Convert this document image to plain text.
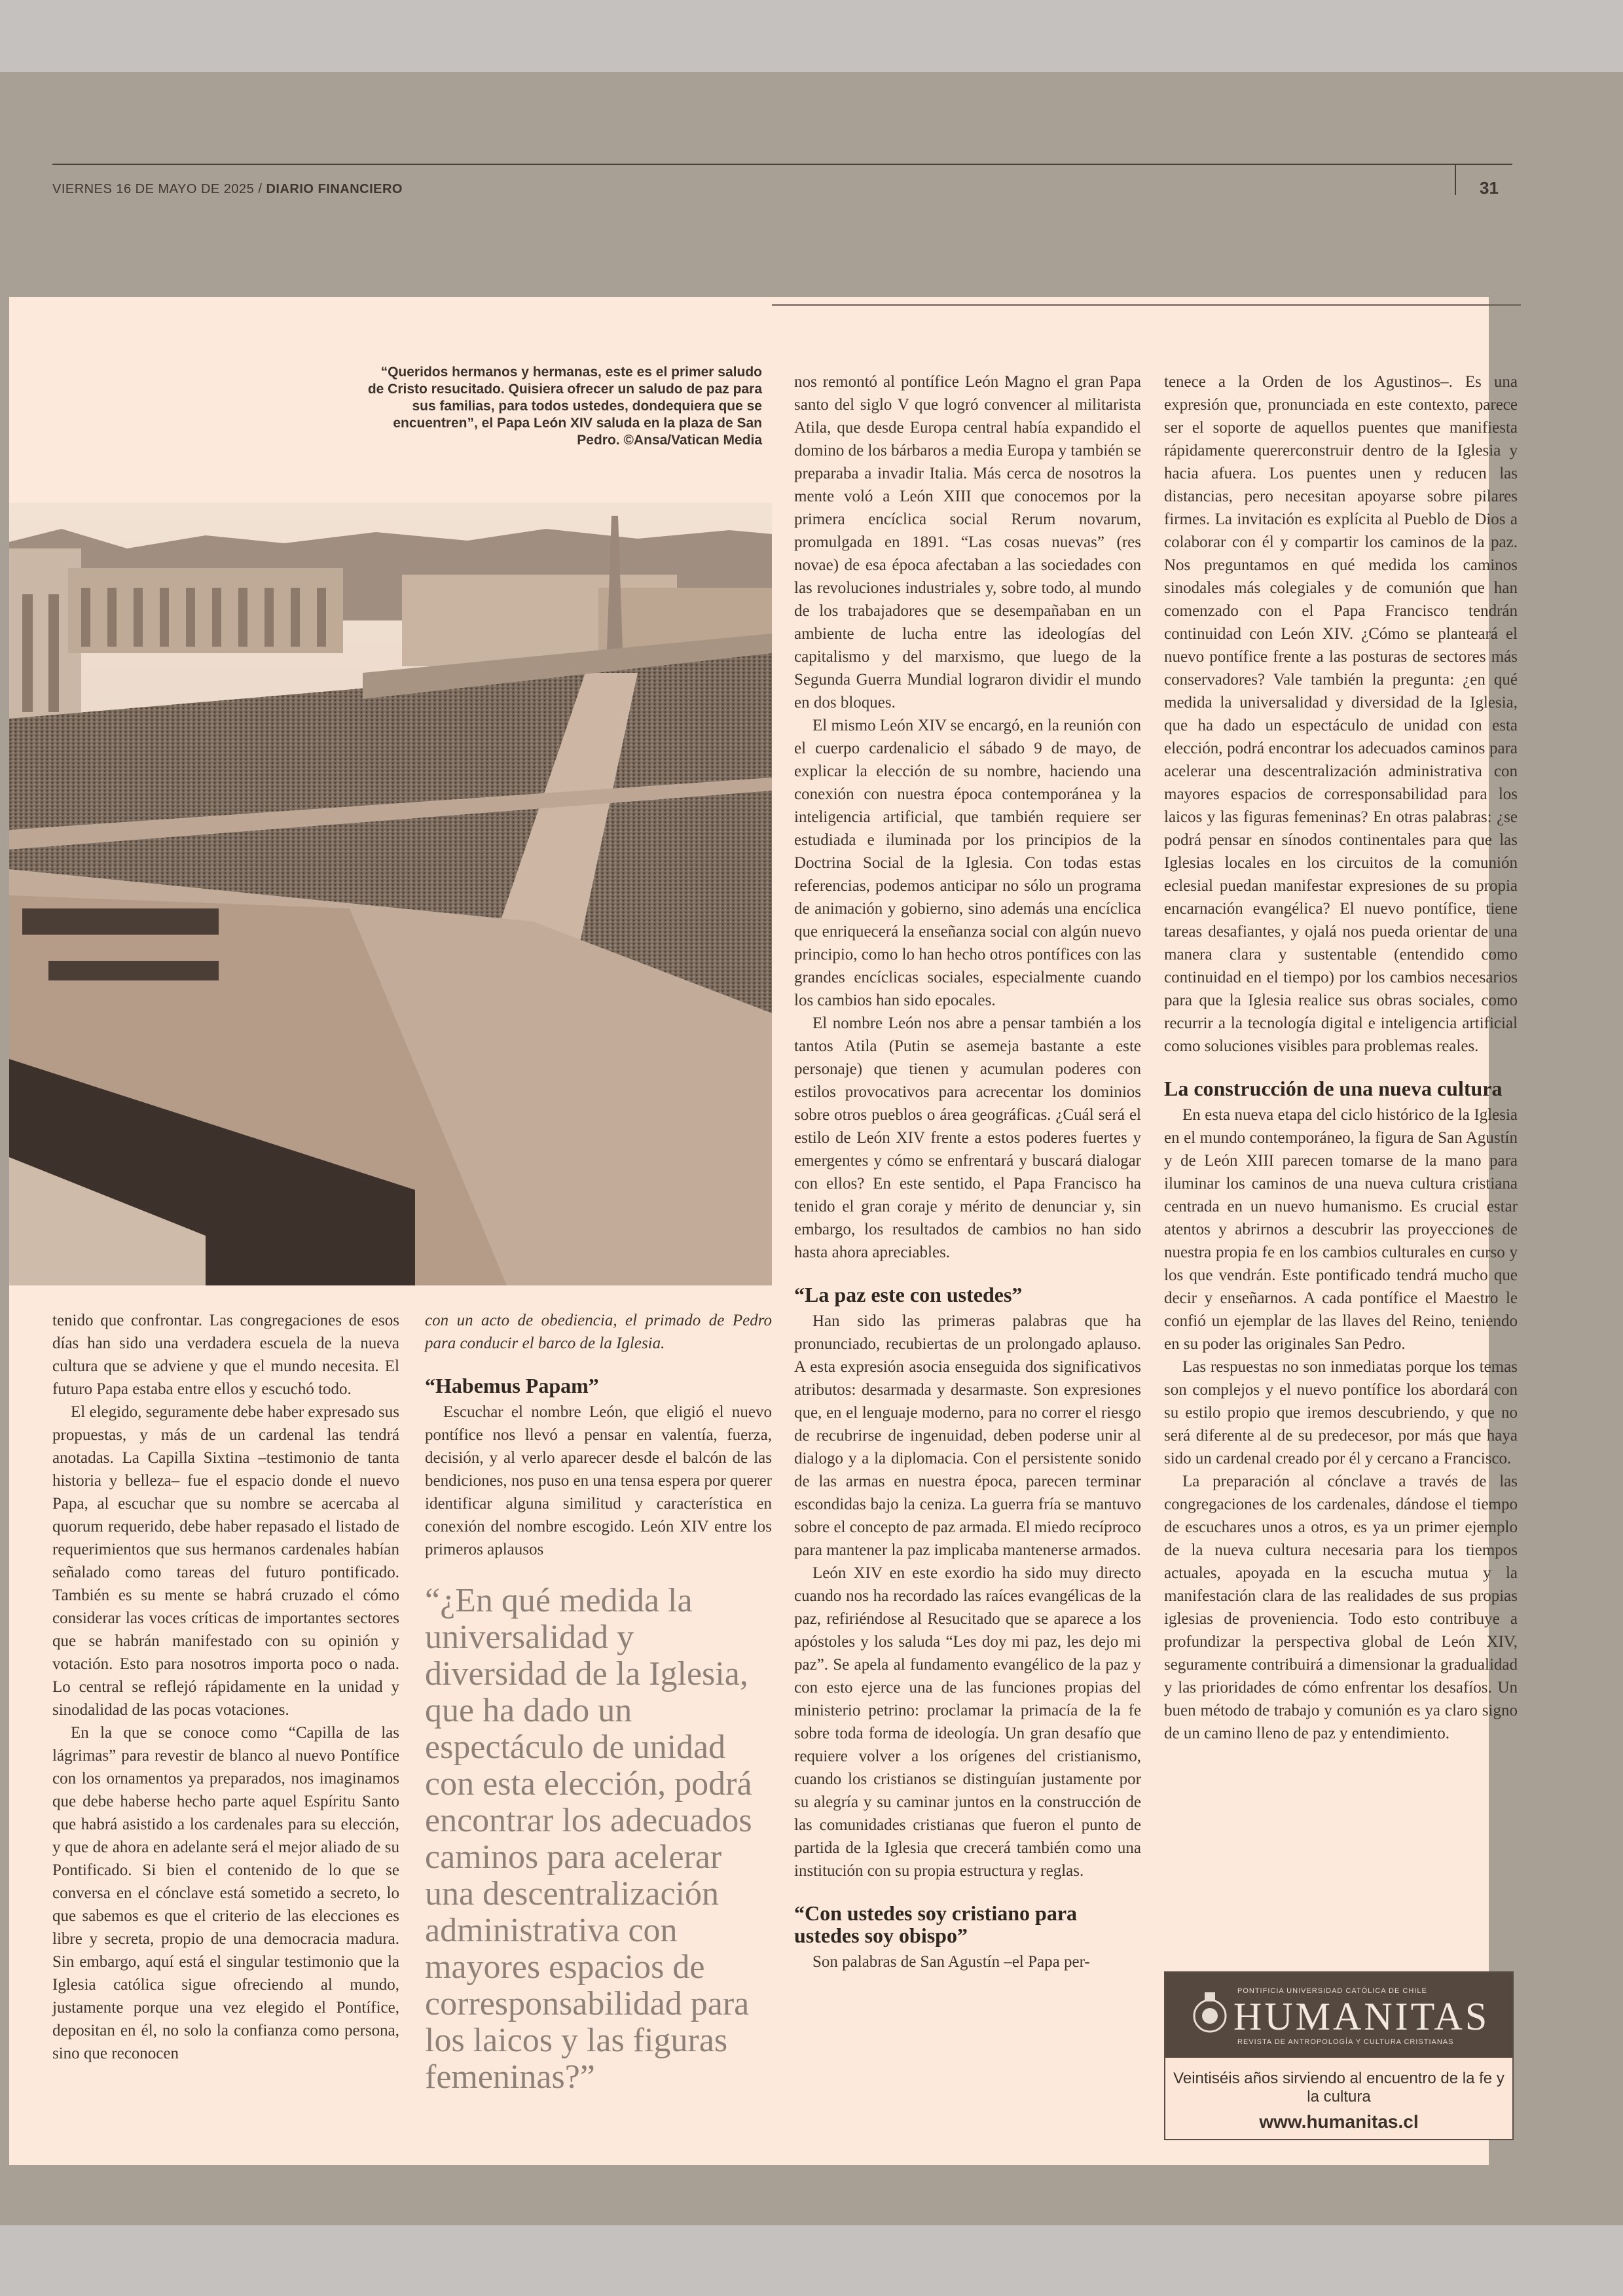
VIERNES 16 DE MAYO DE 2025 / DIARIO FINANCIERO	31
“Queridos hermanos y hermanas, este es el primer saludo de Cristo resucitado. Quisiera ofrecer un saludo de paz para sus familias, para todos ustedes, dondequiera que se encuentren”, el Papa León XIV saluda en la plaza de San Pedro. ©Ansa/Vatican Media

tenido que confrontar. Las congregaciones de esos días han sido una verdadera escuela de la nueva cultura que se adviene y que el mundo necesita. El futuro Papa estaba entre ellos y escuchó todo.

El elegido, seguramente debe haber expresado sus propuestas, y más de un cardenal las tendrá anotadas. La Capilla Sixtina –testimonio de tanta historia y belleza– fue el espacio donde el nuevo Papa, al escuchar que su nombre se acercaba al quorum requerido, debe haber repasado el listado de requerimientos que sus hermanos cardenales habían señalado como tareas del futuro pontificado. También es su mente se habrá cruzado el cómo considerar las voces críticas de importantes sectores que se habrán manifestado con su opinión y votación. Esto para nosotros importa poco o nada. Lo central se reflejó rápidamente en la unidad y sinodalidad de las pocas votaciones.

En la que se conoce como “Capilla de las lágrimas” para revestir de blanco al nuevo Pontífice con los ornamentos ya preparados, nos imaginamos que debe haberse hecho parte aquel Espíritu Santo que habrá asistido a los cardenales para su elección, y que de ahora en adelante será el mejor aliado de su Pontificado. Si bien el contenido de lo que se conversa en el cónclave está sometido a secreto, lo que sabemos es que el criterio de las elecciones es libre y secreta, propio de una democracia madura. Sin embargo, aquí está el singular testimonio que la Iglesia católica sigue ofreciendo al mundo, justamente porque una vez elegido el Pontífice, depositan en él, no solo la confianza como persona, sino que reconocen

con un acto de obediencia, el primado de Pedro para conducir el barco de la Iglesia.

“Habemus Papam”

Escuchar el nombre León, que eligió el nuevo pontífice nos llevó a pensar en valentía, fuerza, decisión, y al verlo aparecer desde el balcón de las bendiciones, nos puso en una tensa espera por querer identificar alguna similitud y característica en conexión del nombre escogido. León XIV entre los primeros aplausos

“¿En qué medida la universalidad y diversidad de la Iglesia, que ha dado un espectáculo de unidad con esta elección, podrá encontrar los adecuados caminos para acelerar una descentralización administrativa con mayores espacios de corresponsabilidad para los laicos y las figuras femeninas?”

nos remontó al pontífice León Magno el gran Papa santo del siglo V que logró convencer al militarista Atila, que desde Europa central había expandido el domino de los bárbaros a media Europa y también se preparaba a invadir Italia. Más cerca de nosotros la mente voló a León XIII que conocemos por la primera encíclica social Rerum novarum, promulgada en 1891. “Las cosas nuevas” (res novae) de esa época afectaban a las sociedades con las revoluciones industriales y, sobre todo, al mundo de los trabajadores que se desempañaban en un ambiente de lucha entre las ideologías del capitalismo y del marxismo, que luego de la Segunda Guerra Mundial lograron dividir el mundo en dos bloques.

El mismo León XIV se encargó, en la reunión con el cuerpo cardenalicio el sábado 9 de mayo, de explicar la elección de su nombre, haciendo una conexión con nuestra época contemporánea y la inteligencia artificial, que también requiere ser estudiada e iluminada por los principios de la Doctrina Social de la Iglesia. Con todas estas referencias, podemos anticipar no sólo un programa de animación y gobierno, sino además una encíclica que enriquecerá la enseñanza social con algún nuevo principio, como lo han hecho otros pontífices con las grandes encíclicas sociales, especialmente cuando los cambios han sido epocales.

El nombre León nos abre a pensar también a los tantos Atila (Putin se asemeja bastante a este personaje) que tienen y acumulan poderes con estilos provocativos para acrecentar los dominios sobre otros pueblos o área geográficas. ¿Cuál será el estilo de León XIV frente a estos poderes fuertes y emergentes y cómo se enfrentará y buscará dialogar con ellos? En este sentido, el Papa Francisco ha tenido el gran coraje y mérito de denunciar y, sin embargo, los resultados de cambios no han sido hasta ahora apreciables.

“La paz este con ustedes”

Han sido las primeras palabras que ha pronunciado, recubiertas de un prolongado aplauso. A esta expresión asocia enseguida dos significativos atributos: desarmada y desarmaste. Son expresiones que, en el lenguaje moderno, para no correr el riesgo de recubrirse de ingenuidad, deben poderse unir al dialogo y a la diplomacia. Con el persistente sonido de las armas en nuestra época, parecen terminar escondidas bajo la ceniza. La guerra fría se mantuvo sobre el concepto de paz armada. El miedo recíproco para mantener la paz implicaba mantenerse armados.

León XIV en este exordio ha sido muy directo cuando nos ha recordado las raíces evangélicas de la paz, refiriéndose al Resucitado que se aparece a los apóstoles y los saluda “Les doy mi paz, les dejo mi paz”. Se apela al fundamento evangélico de la paz y con esto ejerce una de las funciones propias del ministerio petrino: proclamar la primacía de la fe sobre toda forma de ideología. Un gran desafío que requiere volver a los orígenes del cristianismo, cuando los cristianos se distinguían justamente por su alegría y su caminar juntos en la construcción de las comunidades cristianas que fueron el punto de partida de la Iglesia que crecerá también como una institución con su propia estructura y reglas.

“Con ustedes soy cristiano para ustedes soy obispo”

Son palabras de San Agustín –el Papa per-

tenece a la Orden de los Agustinos–. Es una expresión que, pronunciada en este contexto, parece ser el soporte de aquellos puentes que manifiesta rápidamente quererconstruir dentro de la Iglesia y hacia afuera. Los puentes unen y reducen las distancias, pero necesitan apoyarse sobre pilares firmes. La invitación es explícita al Pueblo de Dios a colaborar con él y compartir los caminos de la paz. Nos preguntamos en qué medida los caminos sinodales más colegiales y de comunión que han comenzado con el Papa Francisco tendrán continuidad con León XIV. ¿Cómo se planteará el nuevo pontífice frente a las posturas de sectores más conservadores? Vale también la pregunta: ¿en qué medida la universalidad y diversidad de la Iglesia, que ha dado un espectáculo de unidad con esta elección, podrá encontrar los adecuados caminos para acelerar una descentralización administrativa con mayores espacios de corresponsabilidad para los laicos y las figuras femeninas? En otras palabras: ¿se podrá pensar en sínodos continentales para que las Iglesias locales en los circuitos de la comunión eclesial puedan manifestar expresiones de su propia encarnación evangélica? El nuevo pontífice, tiene tareas desafiantes, y ojalá nos pueda orientar de una manera clara y sustentable (entendido como continuidad en el tiempo) por los cambios necesarios para que la Iglesia realice sus obras sociales, como recurrir a la tecnología digital e inteligencia artificial como soluciones visibles para problemas reales.

La construcción de una nueva cultura

En esta nueva etapa del ciclo histórico de la Iglesia en el mundo contemporáneo, la figura de San Agustín y de León XIII parecen tomarse de la mano para iluminar los caminos de una nueva cultura cristiana centrada en un nuevo humanismo. Es crucial estar atentos y abrirnos a descubrir las proyecciones de nuestra propia fe en los cambios culturales en curso y los que vendrán. Este pontificado tendrá mucho que decir y enseñarnos. A cada pontífice el Maestro le confió un ejemplar de las llaves del Reino, teniendo en su poder las originales San Pedro.

Las respuestas no son inmediatas porque los temas son complejos y el nuevo pontífice los abordará con su estilo propio que iremos descubriendo, y que no será diferente al de su predecesor, por más que haya sido un cardenal creado por él y cercano a Francisco.

La preparación al cónclave a través de las congregaciones de los cardenales, dándose el tiempo de escuchares unos a otros, es ya un primer ejemplo de la nueva cultura necesaria para los tiempos actuales, apoyada en la escucha mutua y la manifestación clara de las realidades de sus propias iglesias de proveniencia. Todo esto contribuye a profundizar la perspectiva global de León XIV, seguramente contribuirá a dimensionar la gradualidad y las prioridades de cómo enfrentar los desafíos. Un buen método de trabajo y comunión es ya claro signo de un camino lleno de paz y entendimiento.

PONTIFICIA UNIVERSIDAD CATÓLICA DE CHILE
HUMANITAS
REVISTA DE ANTROPOLOGÍA Y CULTURA CRISTIANAS
Veintiséis años sirviendo al encuentro de la fe y la cultura
www.humanitas.cl
